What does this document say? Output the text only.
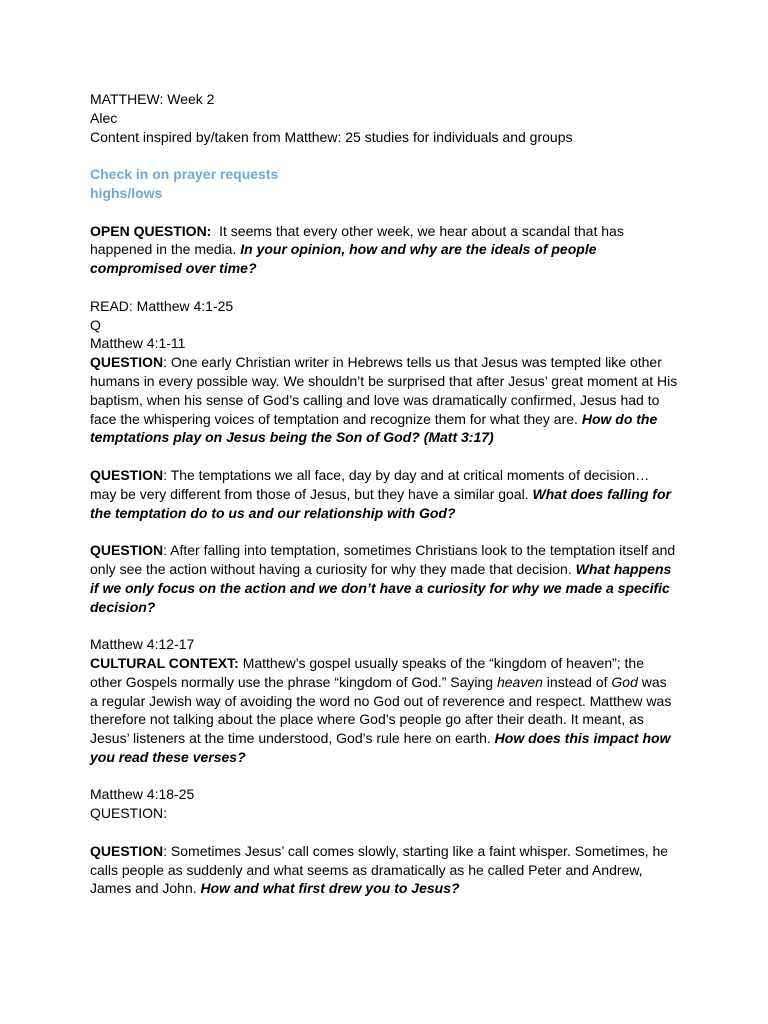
MATTHEW: Week 2
Alec
Content inspired by/taken from Matthew: 25 studies for individuals and groups
Check in on prayer requests
highs/lows

OPEN QUESTION:  It seems that every other week, we hear about a scandal that has happened in the media. In your opinion, how and why are the ideals of people compromised over time?

READ: Matthew 4:1-25
Q
Matthew 4:1-11

QUESTION: One early Christian writer in Hebrews tells us that Jesus was tempted like other humans in every possible way. We shouldn’t be surprised that after Jesus’ great moment at His baptism, when his sense of God’s calling and love was dramatically confirmed, Jesus had to face the whispering voices of temptation and recognize them for what they are. How do the temptations play on Jesus being the Son of God? (Matt 3:17)

QUESTION: The temptations we all face, day by day and at critical moments of decision… may be very different from those of Jesus, but they have a similar goal. What does falling for the temptation do to us and our relationship with God?

QUESTION: After falling into temptation, sometimes Christians look to the temptation itself and only see the action without having a curiosity for why they made that decision. What happens if we only focus on the action and we don’t have a curiosity for why we made a specific decision?

Matthew 4:12-17

CULTURAL CONTEXT: Matthew’s gospel usually speaks of the “kingdom of heaven”; the other Gospels normally use the phrase “kingdom of God.” Saying heaven instead of God was a regular Jewish way of avoiding the word no God out of reverence and respect. Matthew was therefore not talking about the place where God’s people go after their death. It meant, as Jesus’ listeners at the time understood, God’s rule here on earth. How does this impact how you read these verses?

Matthew 4:18-25
QUESTION:

QUESTION: Sometimes Jesus’ call comes slowly, starting like a faint whisper. Sometimes, he calls people as suddenly and what seems as dramatically as he called Peter and Andrew, James and John. How and what first drew you to Jesus?
